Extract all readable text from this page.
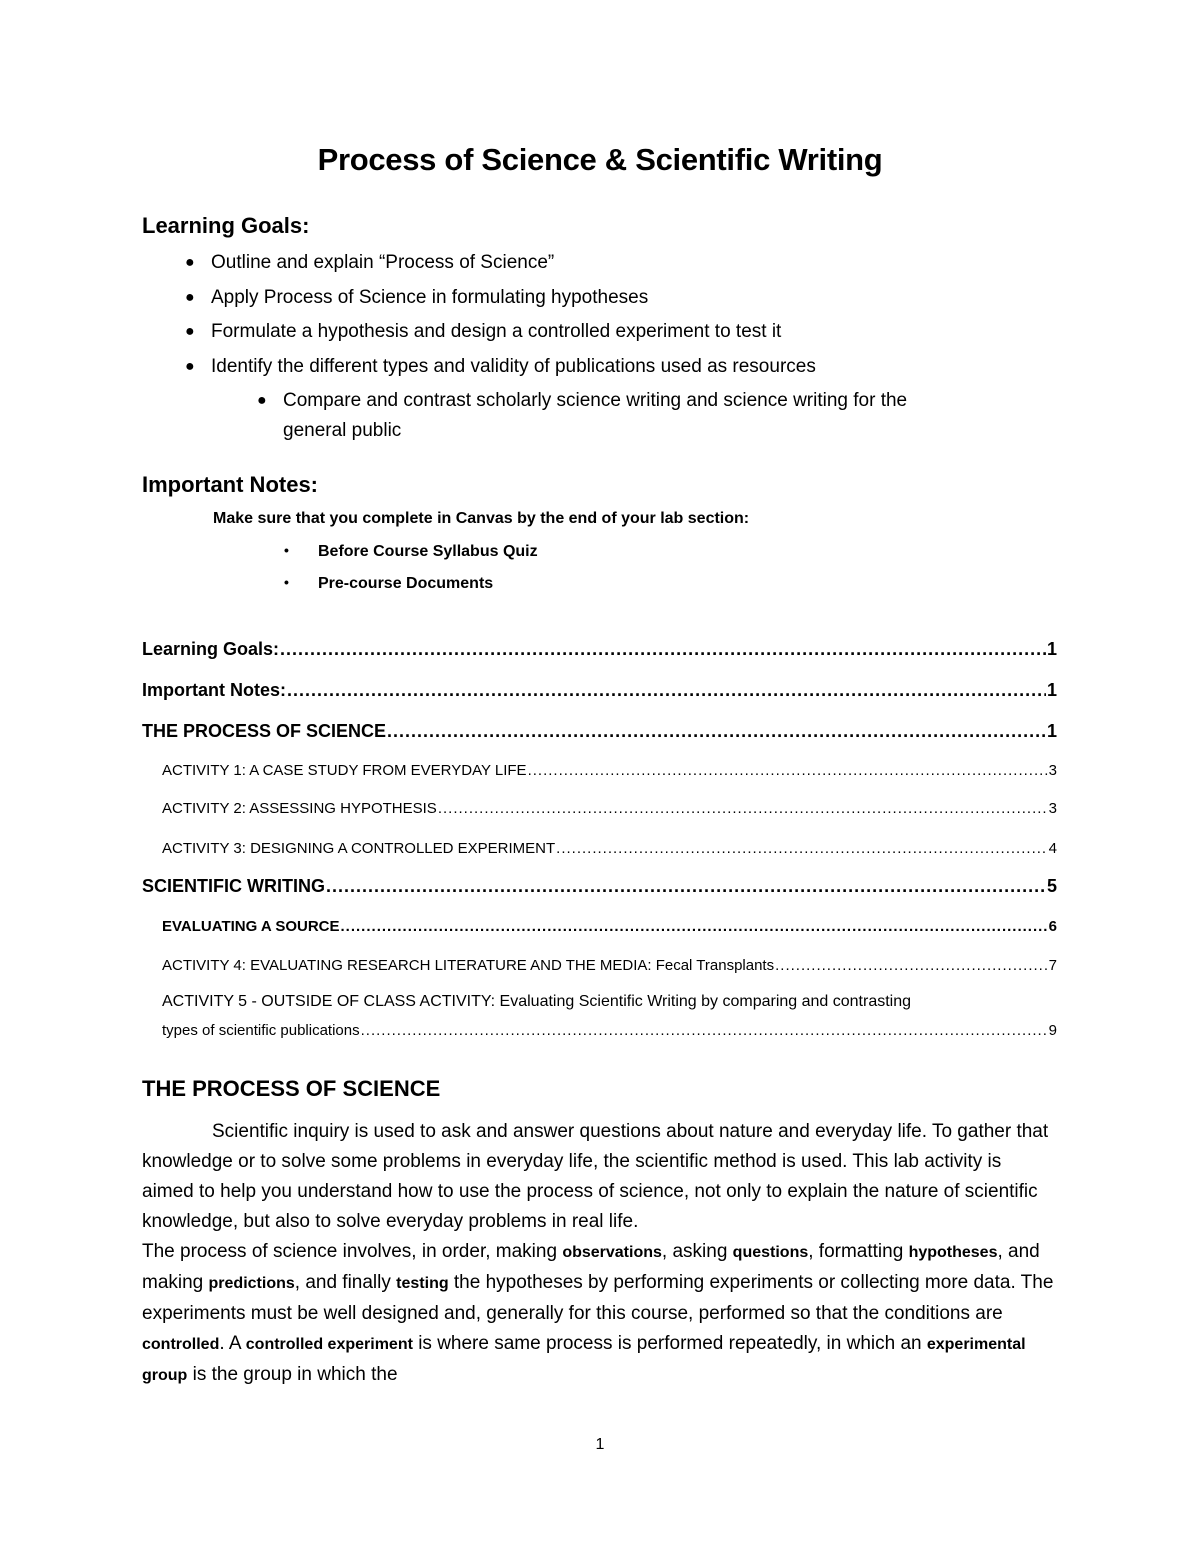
Process of Science & Scientific Writing
Learning Goals:
● Outline and explain “Process of Science”
● Apply Process of Science in formulating hypotheses
● Formulate a hypothesis and design a controlled experiment to test it
● Identify the different types and validity of publications used as resources
● Compare and contrast scholarly science writing and science writing for the
general public
Important Notes:
Make sure that you complete in Canvas by the end of your lab section:
• Before Course Syllabus Quiz
• Pre-course Documents
Learning Goals: .....	1
Important Notes: .....	1
THE PROCESS OF SCIENCE .....	1
ACTIVITY 1: A CASE STUDY FROM EVERYDAY LIFE .....	3
ACTIVITY 2: ASSESSING HYPOTHESIS .....	3
ACTIVITY 3: DESIGNING A CONTROLLED EXPERIMENT .....	4
SCIENTIFIC WRITING .....	5
EVALUATING A SOURCE .....	6
ACTIVITY 4: EVALUATING RESEARCH LITERATURE AND THE MEDIA: Fecal Transplants .....	7
ACTIVITY 5 - OUTSIDE OF CLASS ACTIVITY: Evaluating Scientific Writing by comparing and contrasting
types of scientific publications .....	9
THE PROCESS OF SCIENCE

Scientific inquiry is used to ask and answer questions about nature and everyday life. To gather that knowledge or to solve some problems in everyday life, the scientific method is used. This lab activity is aimed to help you understand how to use the process of science, not only to explain the nature of scientific knowledge, but also to solve everyday problems in real life.

The process of science involves, in order, making observations, asking questions, formatting hypotheses, and making predictions, and finally testing the hypotheses by performing experiments or collecting more data. The experiments must be well designed and, generally for this course, performed so that the conditions are controlled. A controlled experiment is where same process is performed repeatedly, in which an experimental group is the group in which the

1
